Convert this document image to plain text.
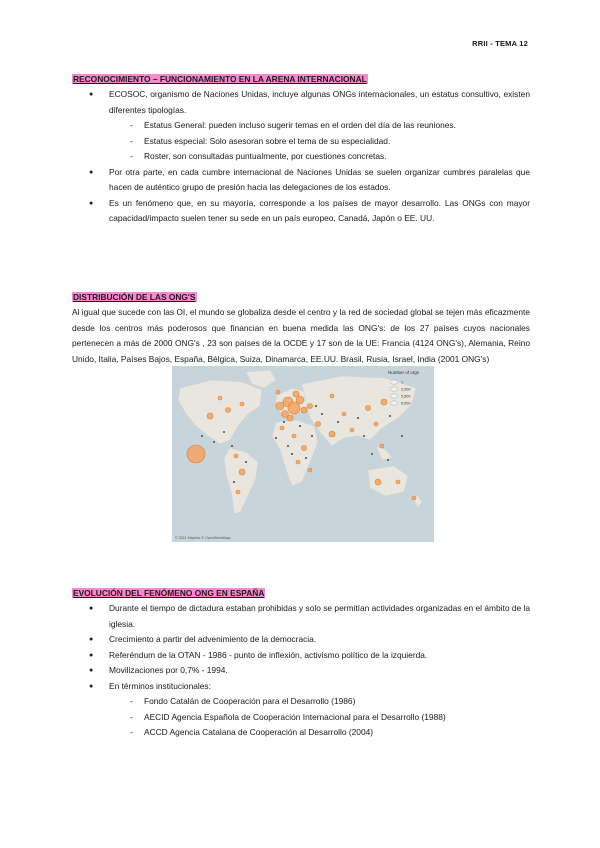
RRII - TEMA 12
RECONOCIMIENTO – FUNCIONAMIENTO EN LA ARENA INTERNACIONAL
● ECOSOC, organismo de Naciones Unidas, incluye algunas ONGs internacionales, un estatus consultivo, existen diferentes tipologías.
- Estatus General: pueden incluso sugerir temas en el orden del día de las reuniones.
- Estatus especial: Solo asesoran sobre el tema de su especialidad.
- Roster, son consultadas puntualmente, por cuestiones concretas.
● Por otra parte, en cada cumbre internacional de Naciones Unidas se suelen organizar cumbres paralelas que hacen de auténtico grupo de presión hacia las delegaciones de los estados.
● Es un fenómeno que, en su mayoría, corresponde a los países de mayor desarrollo. Las ONGs con mayor capacidad/impacto suelen tener su sede en un país europeo, Canadá, Japón o EE. UU.
DISTRIBUCIÓN DE LAS ONG'S
Al igual que sucede con las OI, el mundo se globaliza desde el centro y la red de sociedad global se tejen más eficazmente desde los centros más poderosos que financian en buena medida las ONG's: de los 27 países cuyos nacionales pertenecen a más de 2000 ONG's , 23 son países de la OCDE y 17 son de la UE: Francia (4124 ONG's), Alemania, Reino Unido, Italia, Países Bajos, España, Bélgica, Suiza, Dinamarca, EE.UU. Brasil, Rusia, Israel, India (2001 ONG's)
Number of orgs
1
2,000
5,500
5,000
© 2021 Mapbox © OpenStreetMap
EVOLUCIÓN DEL FENÓMENO ONG EN ESPAÑA
● Durante el tiempo de dictadura estaban prohibidas y solo se permitían actividades organizadas en el ámbito de la iglesia.
● Crecimiento a partir del advenimiento de la democracia.
● Referéndum de la OTAN - 1986 - punto de inflexión, activismo político de la izquierda.
● Movilizaciones por 0,7% - 1994.
● En términos institucionales:
- Fondo Catalán de Cooperación para el Desarrollo (1986)
- AECID Agencia Española de Cooperación Internacional para el Desarrollo (1988)
- ACCD Agencia Catalana de Cooperación al Desarrollo (2004)
